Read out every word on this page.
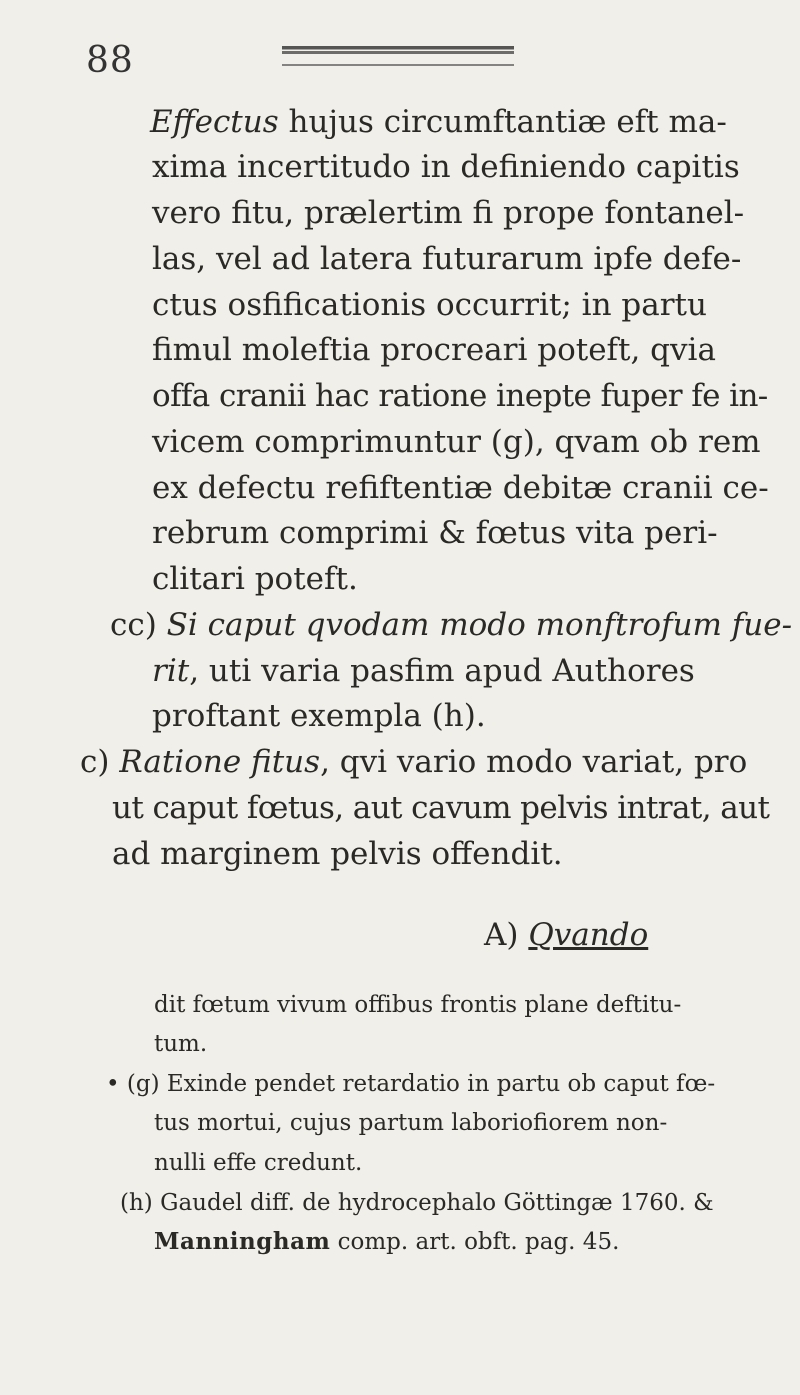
88
Effectus hujus circumftantiæ eft ma-
xima incertitudo in definiendo capitis
vero fitu, prælertim fi prope fontanel-
las, vel ad latera futurarum ipfe defe-
ctus osfificationis occurrit; in partu
fimul moleftia procreari poteft, qvia
offa cranii hac ratione inepte fuper fe in-
vicem comprimuntur (g), qvam ob rem
ex defectu refiftentiæ debitæ cranii ce-
rebrum comprimi & fœtus vita peri-
clitari poteft.
cc) Si caput qvodam modo monftrofum fue-
rit, uti varia pasfim apud Authores
proftant exempla (h).
c) Ratione fitus, qvi vario modo variat, pro
ut caput fœtus, aut cavum pelvis intrat, aut
ad marginem pelvis offendit.
A) Qvando
dit fœtum vivum offibus frontis plane deftitu-
tum.
• (g) Exinde pendet retardatio in partu ob caput fœ-
tus mortui, cujus partum laboriofiorem non-
nulli effe credunt.
(h) Gaudel diff. de hydrocephalo Göttingæ 1760. &
Manningham comp. art. obft. pag. 45.
